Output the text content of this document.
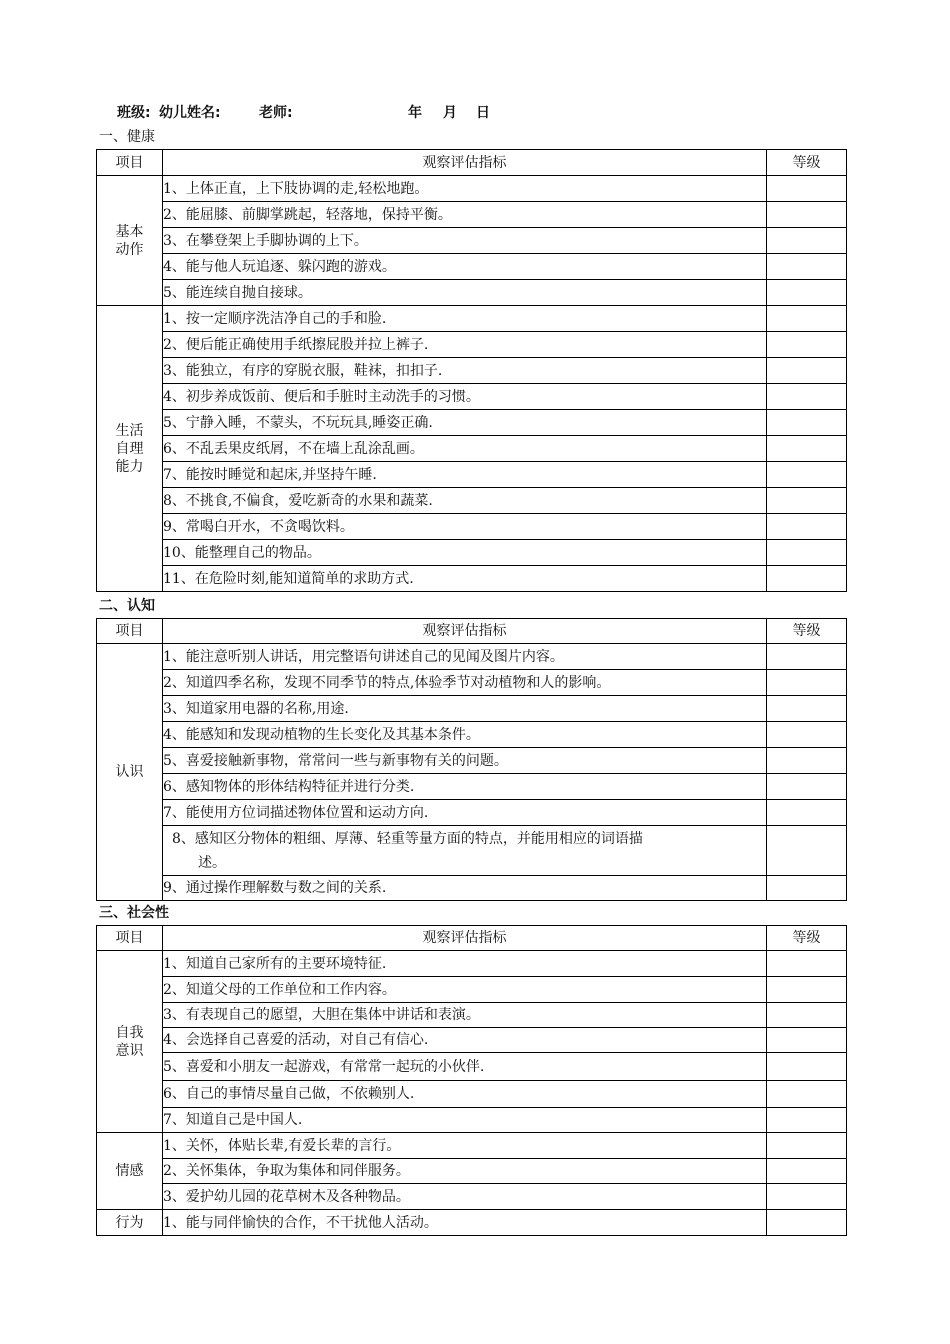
班级: 幼儿姓名:	老师:	年 月 日
一、健康
项目	观察评估指标	等级

基本
动作	1、上体正直，上下肢协调的走,轻松地跑。	
	2、能屈膝、前脚掌跳起，轻落地，保持平衡。	
	3、在攀登架上手脚协调的上下。	
	4、能与他人玩追逐、躲闪跑的游戏。	
	5、能连续自抛自接球。	

生活
自理
能力	1、按一定顺序洗洁净自己的手和脸.	
	2、便后能正确使用手纸擦屁股并拉上裤子.	
	3、能独立，有序的穿脱衣服，鞋袜，扣扣子.	
	4、初步养成饭前、便后和手脏时主动洗手的习惯。	
	5、宁静入睡，不蒙头，不玩玩具,睡姿正确.	
	6、不乱丢果皮纸屑，不在墙上乱涂乱画。	
	7、能按时睡觉和起床,并坚持午睡.	
	8、不挑食,不偏食，爱吃新奇的水果和蔬菜.	
	9、常喝白开水，不贪喝饮料。	
	10、能整理自己的物品。	
	11、在危险时刻,能知道简单的求助方式.	
二、认知
项目	观察评估指标	等级
认识	1、能注意听别人讲话，用完整语句讲述自己的见闻及图片内容。	
	2、知道四季名称，发现不同季节的特点,体验季节对动植物和人的影响。	
	3、知道家用电器的名称,用途.	
	4、能感知和发现动植物的生长变化及其基本条件。	
	5、喜爱接触新事物，常常问一些与新事物有关的问题。	
	6、感知物体的形体结构特征并进行分类.	
	7、能使用方位词描述物体位置和运动方向.	

	8、感知区分物体的粗细、厚薄、轻重等量方面的特点，并能用相应的词语描
述。	

	9、通过操作理解数与数之间的关系.	
三、社会性
项目	观察评估指标	等级

自我
意识	1、知道自己家所有的主要环境特征.	
	2、知道父母的工作单位和工作内容。	
	3、有表现自己的愿望，大胆在集体中讲话和表演。	
	4、会选择自己喜爱的活动，对自己有信心.	
	5、喜爱和小朋友一起游戏，有常常一起玩的小伙伴.	
	6、自己的事情尽量自己做，不依赖别人.	
	7、知道自己是中国人.	
情感	1、关怀，体贴长辈,有爱长辈的言行。	
	2、关怀集体，争取为集体和同伴服务。	
	3、爱护幼儿园的花草树木及各种物品。	
行为	1、能与同伴愉快的合作，不干扰他人活动。	
